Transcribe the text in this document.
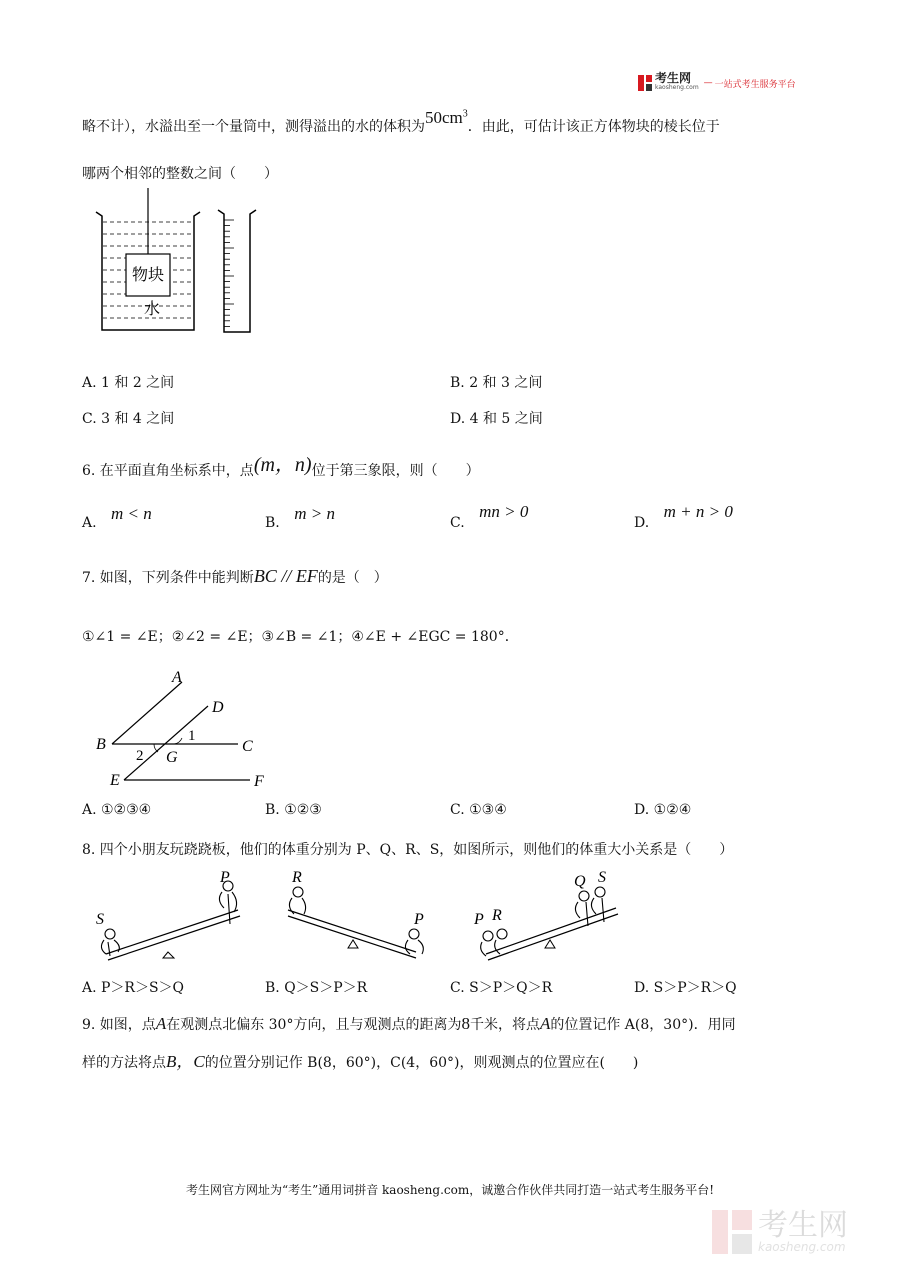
考生网
kaosheng.com — 一站式考生服务平台
略不计），水溢出至一个量筒中，测得溢出的水的体积为$50cm^3$．由此，可估计该正方体物块的棱长位于
哪两个相邻的整数之间（　　）
物块
水
A. 1 和 2 之间	B. 2 和 3 之间
C. 3 和 4 之间	D. 4 和 5 之间
6. 在平面直角坐标系中，点(m，n)位于第三象限，则（　　）
A. m < n	B. m > n	C. mn > 0
D. m + n > 0
7. 如图，下列条件中能判断BC // EF的是（　）
①∠1 = ∠E；②∠2 = ∠E；③∠B = ∠1；④∠E + ∠EGC = 180°．
A
B	C
D
E	F
G
1
2
A. ①②③④	B. ①②③	C. ①③④	D. ①②④
8. 四个小朋友玩跷跷板，他们的体重分别为 P、Q、R、S，如图所示，则他们的体重大小关系是（　　）
S
P	R
P	P R
Q S
A. P＞R＞S＞Q	B. Q＞S＞P＞R	C. S＞P＞Q＞R	D. S＞P＞R＞Q
9. 如图，点A在观测点北偏东 30°方向，且与观测点的距离为8千米，将点A的位置记作 A(8，30°)．用同
样的方法将点B，C的位置分别记作 B(8，60°)，C(4，60°)，则观测点的位置应在(　　)
考生网官方网址为“考生”通用词拼音 kaosheng.com，诚邀合作伙伴共同打造一站式考生服务平台!
考生网
kaosheng.com
